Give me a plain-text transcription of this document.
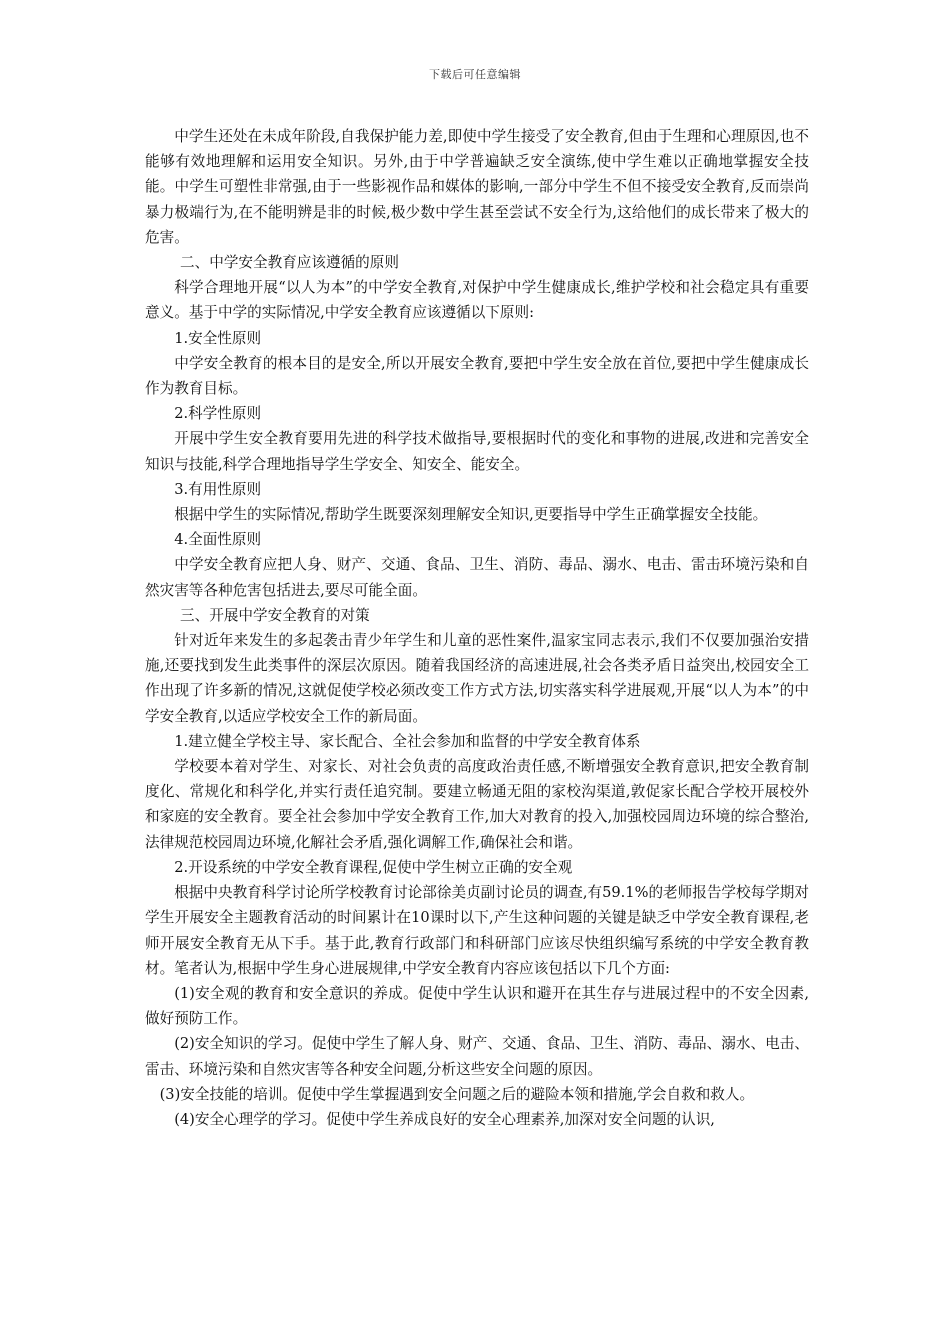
下载后可任意编辑

中学生还处在未成年阶段,自我保护能力差,即使中学生接受了安全教育,但由于生理和心理原因,也不能够有效地理解和运用安全知识。另外,由于中学普遍缺乏安全演练,使中学生难以正确地掌握安全技能。中学生可塑性非常强,由于一些影视作品和媒体的影响,一部分中学生不但不接受安全教育,反而崇尚暴力极端行为,在不能明辨是非的时候,极少数中学生甚至尝试不安全行为,这给他们的成长带来了极大的危害。

二、中学安全教育应该遵循的原则

科学合理地开展“以人为本”的中学安全教育,对保护中学生健康成长,维护学校和社会稳定具有重要意义。基于中学的实际情况,中学安全教育应该遵循以下原则:

1.安全性原则

中学安全教育的根本目的是安全,所以开展安全教育,要把中学生安全放在首位,要把中学生健康成长作为教育目标。

2.科学性原则

开展中学生安全教育要用先进的科学技术做指导,要根据时代的变化和事物的进展,改进和完善安全知识与技能,科学合理地指导学生学安全、知安全、能安全。

3.有用性原则

根据中学生的实际情况,帮助学生既要深刻理解安全知识,更要指导中学生正确掌握安全技能。

4.全面性原则

中学安全教育应把人身、财产、交通、食品、卫生、消防、毒品、溺水、电击、雷击环境污染和自然灾害等各种危害包括进去,要尽可能全面。

三、开展中学安全教育的对策

针对近年来发生的多起袭击青少年学生和儿童的恶性案件,温家宝同志表示,我们不仅要加强治安措施,还要找到发生此类事件的深层次原因。随着我国经济的高速进展,社会各类矛盾日益突出,校园安全工作出现了许多新的情况,这就促使学校必须改变工作方式方法,切实落实科学进展观,开展“以人为本”的中学安全教育,以适应学校安全工作的新局面。

1.建立健全学校主导、家长配合、全社会参加和监督的中学安全教育体系

学校要本着对学生、对家长、对社会负责的高度政治责任感,不断增强安全教育意识,把安全教育制度化、常规化和科学化,并实行责任追究制。要建立畅通无阻的家校沟渠道,敦促家长配合学校开展校外和家庭的安全教育。要全社会参加中学安全教育工作,加大对教育的投入,加强校园周边环境的综合整治,法律规范校园周边环境,化解社会矛盾,强化调解工作,确保社会和谐。

2.开设系统的中学安全教育课程,促使中学生树立正确的安全观

根据中央教育科学讨论所学校教育讨论部徐美贞副讨论员的调查,有59.1%的老师报告学校每学期对学生开展安全主题教育活动的时间累计在10课时以下,产生这种问题的关键是缺乏中学安全教育课程,老师开展安全教育无从下手。基于此,教育行政部门和科研部门应该尽快组织编写系统的中学安全教育教材。笔者认为,根据中学生身心进展规律,中学安全教育内容应该包括以下几个方面:

(1)安全观的教育和安全意识的养成。促使中学生认识和避开在其生存与进展过程中的不安全因素,做好预防工作。

(2)安全知识的学习。促使中学生了解人身、财产、交通、食品、卫生、消防、毒品、溺水、电击、雷击、环境污染和自然灾害等各种安全问题,分析这些安全问题的原因。

(3)安全技能的培训。促使中学生掌握遇到安全问题之后的避险本领和措施,学会自救和救人。

(4)安全心理学的学习。促使中学生养成良好的安全心理素养,加深对安全问题的认识,
